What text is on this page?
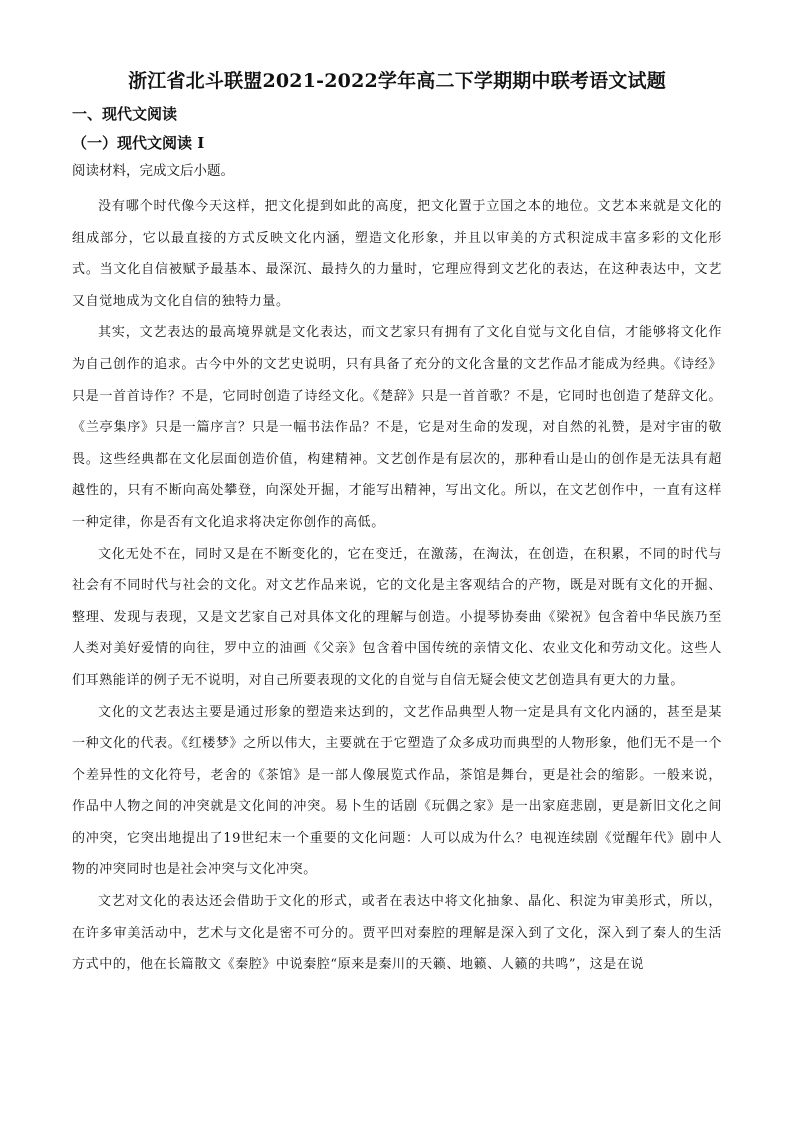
浙江省北斗联盟2021-2022学年高二下学期期中联考语文试题
一、现代文阅读
（一）现代文阅读 I
阅读材料，完成文后小题。

没有哪个时代像今天这样，把文化提到如此的高度，把文化置于立国之本的地位。文艺本来就是文化的组成部分，它以最直接的方式反映文化内涵，塑造文化形象，并且以审美的方式积淀成丰富多彩的文化形式。当文化自信被赋予最基本、最深沉、最持久的力量时，它理应得到文艺化的表达，在这种表达中，文艺又自觉地成为文化自信的独特力量。

其实，文艺表达的最高境界就是文化表达，而文艺家只有拥有了文化自觉与文化自信，才能够将文化作为自己创作的追求。古今中外的文艺史说明，只有具备了充分的文化含量的文艺作品才能成为经典。《诗经》只是一首首诗作？不是，它同时创造了诗经文化。《楚辞》只是一首首歌？不是，它同时也创造了楚辞文化。《兰亭集序》只是一篇序言？只是一幅书法作品？不是，它是对生命的发现，对自然的礼赞，是对宇宙的敬畏。这些经典都在文化层面创造价值，构建精神。文艺创作是有层次的，那种看山是山的创作是无法具有超越性的，只有不断向高处攀登，向深处开掘，才能写出精神，写出文化。所以，在文艺创作中，一直有这样一种定律，你是否有文化追求将决定你创作的高低。

文化无处不在，同时又是在不断变化的，它在变迁，在激荡，在淘汰，在创造，在积累，不同的时代与社会有不同时代与社会的文化。对文艺作品来说，它的文化是主客观结合的产物，既是对既有文化的开掘、整理、发现与表现，又是文艺家自己对具体文化的理解与创造。小提琴协奏曲《梁祝》包含着中华民族乃至人类对美好爱情的向往，罗中立的油画《父亲》包含着中国传统的亲情文化、农业文化和劳动文化。这些人们耳熟能详的例子无不说明，对自己所要表现的文化的自觉与自信无疑会使文艺创造具有更大的力量。

文化的文艺表达主要是通过形象的塑造来达到的，文艺作品典型人物一定是具有文化内涵的，甚至是某一种文化的代表。《红楼梦》之所以伟大，主要就在于它塑造了众多成功而典型的人物形象，他们无不是一个个差异性的文化符号，老舍的《茶馆》是一部人像展览式作品，茶馆是舞台，更是社会的缩影。一般来说，作品中人物之间的冲突就是文化间的冲突。易卜生的话剧《玩偶之家》是一出家庭悲剧，更是新旧文化之间的冲突，它突出地提出了19世纪末一个重要的文化问题：人可以成为什么？电视连续剧《觉醒年代》剧中人物的冲突同时也是社会冲突与文化冲突。

文艺对文化的表达还会借助于文化的形式，或者在表达中将文化抽象、晶化、积淀为审美形式，所以，在许多审美活动中，艺术与文化是密不可分的。贾平凹对秦腔的理解是深入到了文化，深入到了秦人的生活方式中的，他在长篇散文《秦腔》中说秦腔“原来是秦川的天籁、地籁、人籁的共鸣”，这是在说
